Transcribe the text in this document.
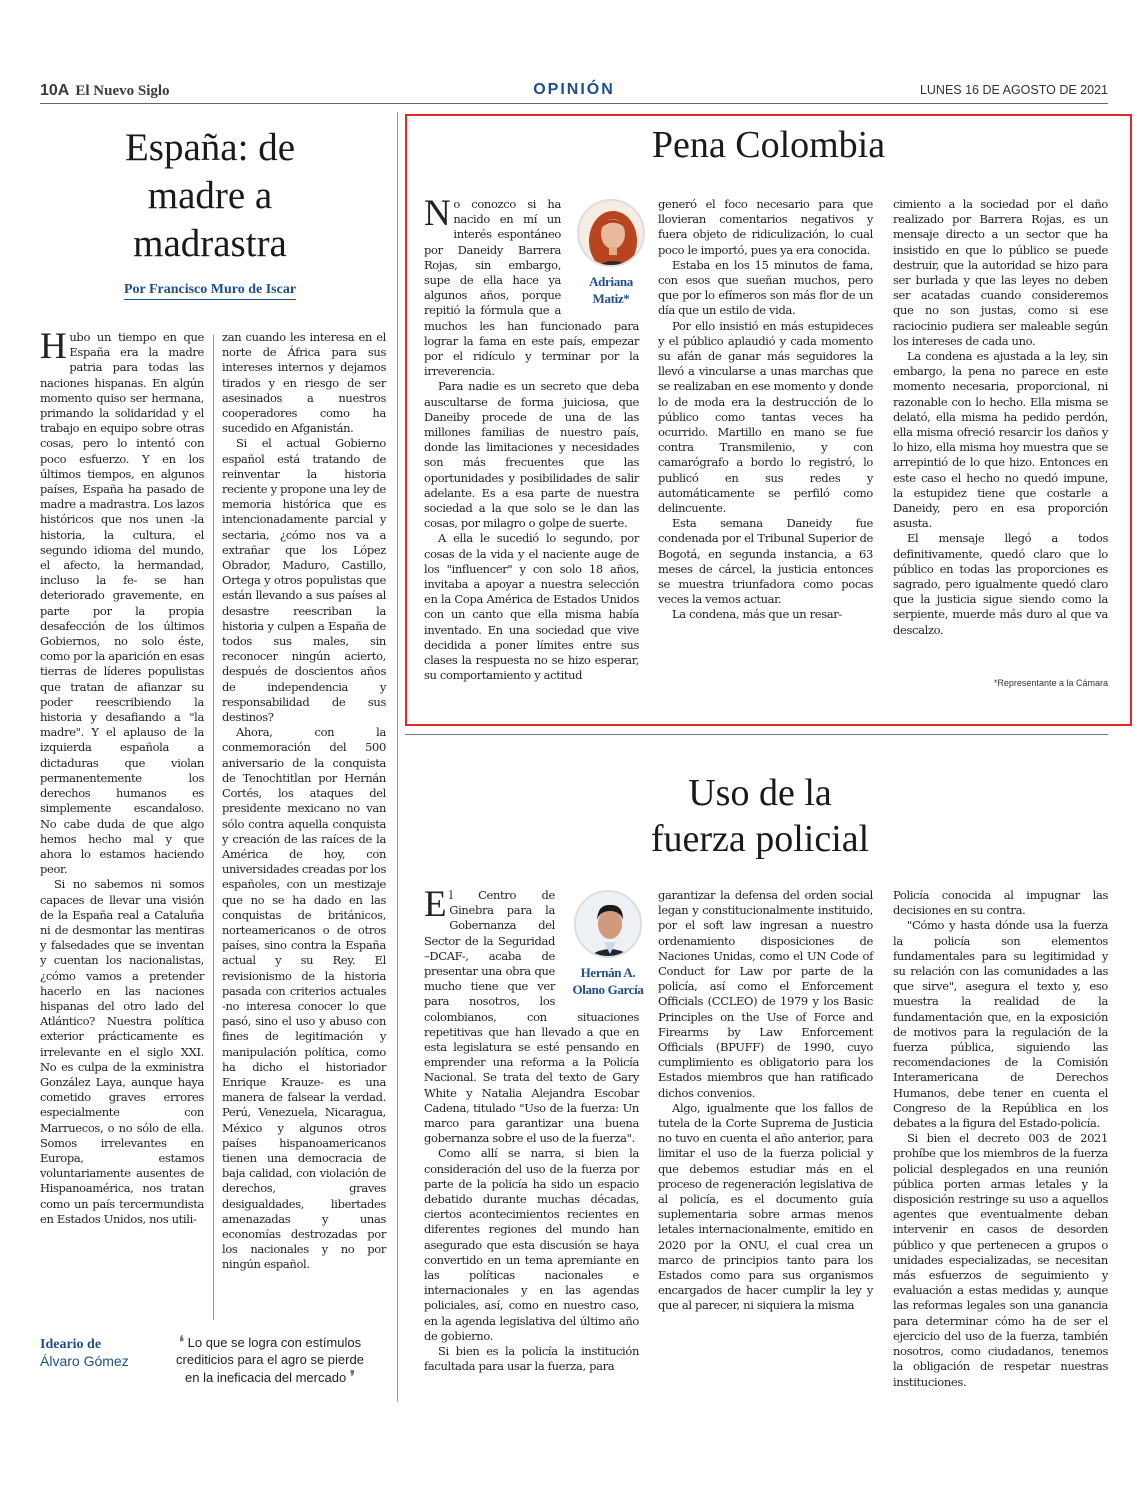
10A El Nuevo Siglo	OPINIÓN	LUNES 16 DE AGOSTO DE 2021
España: de
madre a
madrastra
Por Francisco Muro de Iscar

Hubo un tiempo en que España era la madre patria para todas las naciones hispanas. En algún momento quiso ser hermana, primando la solidaridad y el trabajo en equipo sobre otras cosas, pero lo intentó con poco esfuerzo. Y en los últimos tiempos, en algunos países, España ha pasado de madre a madrastra. Los lazos históricos que nos unen -la historia, la cultura, el segundo idioma del mundo, el afecto, la hermandad, incluso la fe- se han deteriorado gravemente, en parte por la propia desafección de los últimos Gobiernos, no solo éste, como por la aparición en esas tierras de líderes populistas que tratan de afianzar su poder reescribiendo la historia y desafiando a "la madre". Y el aplauso de la izquierda española a dictaduras que violan permanentemente los derechos humanos es simplemente escandaloso. No cabe duda de que algo hemos hecho mal y que ahora lo estamos haciendo peor.

Si no sabemos ni somos capaces de llevar una visión de la España real a Cataluña ni de desmontar las mentiras y falsedades que se inventan y cuentan los nacionalistas, ¿cómo vamos a pretender hacerlo en las naciones hispanas del otro lado del Atlántico? Nuestra política exterior prácticamente es irrelevante en el siglo XXI. No es culpa de la exministra González Laya, aunque haya cometido graves errores especialmente con Marruecos, o no sólo de ella. Somos irrelevantes en Europa, estamos voluntariamente ausentes de Hispanoamérica, nos tratan como un país tercermundista en Estados Unidos, nos utili-

zan cuando les interesa en el norte de África para sus intereses internos y dejamos tirados y en riesgo de ser asesinados a nuestros cooperadores como ha sucedido en Afganistán.

Si el actual Gobierno español está tratando de reinventar la historia reciente y propone una ley de memoria histórica que es intencionadamente parcial y sectaria, ¿cómo nos va a extrañar que los López Obrador, Maduro, Castillo, Ortega y otros populistas que están llevando a sus países al desastre reescriban la historia y culpen a España de todos sus males, sin reconocer ningún acierto, después de doscientos años de independencia y responsabilidad de sus destinos?

Ahora, con la conmemoración del 500 aniversario de la conquista de Tenochtitlan por Hernán Cortés, los ataques del presidente mexicano no van sólo contra aquella conquista y creación de las raíces de la América de hoy, con universidades creadas por los españoles, con un mestizaje que no se ha dado en las conquistas de británicos, norteamericanos o de otros países, sino contra la España actual y su Rey. El revisionismo de la historia pasada con criterios actuales -no interesa conocer lo que pasó, sino el uso y abuso con fines de legitimación y manipulación política, como ha dicho el historiador Enrique Krauze- es una manera de falsear la verdad. Perú, Venezuela, Nicaragua, México y algunos otros países hispanoamericanos tienen una democracia de baja calidad, con violación de derechos, graves desigualdades, libertades amenazadas y unas economías destrozadas por los nacionales y no por ningún español.

Pena Colombia
Adriana
Matiz*

No conozco si ha nacido en mí un interés espontáneo por Daneidy Barrera Rojas, sin embargo, supe de ella hace ya algunos años, porque repitió la fórmula que a muchos les han funcionado para lograr la fama en este país, empezar por el ridículo y terminar por la irreverencia.

Para nadie es un secreto que deba auscultarse de forma juiciosa, que Daneiby procede de una de las millones familias de nuestro país, donde las limitaciones y necesidades son más frecuentes que las oportunidades y posibilidades de salir adelante. Es a esa parte de nuestra sociedad a la que solo se le dan las cosas, por milagro o golpe de suerte.

A ella le sucedió lo segundo, por cosas de la vida y el naciente auge de los "influencer" y con solo 18 años, invitaba a apoyar a nuestra selección en la Copa América de Estados Unidos con un canto que ella misma había inventado. En una sociedad que vive decidida a poner límites entre sus clases la respuesta no se hizo esperar, su comportamiento y actitud

generó el foco necesario para que llovieran comentarios negativos y fuera objeto de ridiculización, lo cual poco le importó, pues ya era conocida.

Estaba en los 15 minutos de fama, con esos que sueñan muchos, pero que por lo efímeros son más flor de un día que un estilo de vida.

Por ello insistió en más estupideces y el público aplaudió y cada momento su afán de ganar más seguidores la llevó a vincularse a unas marchas que se realizaban en ese momento y donde lo de moda era la destrucción de lo público como tantas veces ha ocurrido. Martillo en mano se fue contra Transmilenio, y con camarógrafo a bordo lo registró, lo publicó en sus redes y automáticamente se perfiló como delincuente.

Esta semana Daneidy fue condenada por el Tribunal Superior de Bogotá, en segunda instancia, a 63 meses de cárcel, la justicia entonces se muestra triunfadora como pocas veces la vemos actuar.

La condena, más que un resar-

cimiento a la sociedad por el daño realizado por Barrera Rojas, es un mensaje directo a un sector que ha insistido en que lo público se puede destruir, que la autoridad se hizo para ser burlada y que las leyes no deben ser acatadas cuando consideremos que no son justas, como si ese raciocinio pudiera ser maleable según los intereses de cada uno.

La condena es ajustada a la ley, sin embargo, la pena no parece en este momento necesaria, proporcional, ni razonable con lo hecho. Ella misma se delató, ella misma ha pedido perdón, ella misma ofreció resarcir los daños y lo hizo, ella misma hoy muestra que se arrepintió de lo que hizo. Entonces en este caso el hecho no quedó impune, la estupidez tiene que costarle a Daneidy, pero en esa proporción asusta.

El mensaje llegó a todos definitivamente, quedó claro que lo público en todas las proporciones es sagrado, pero igualmente quedó claro que la justicia sigue siendo como la serpiente, muerde más duro al que va descalzo.

*Representante a la Cámara
Uso de la
fuerza policial
Hernán A.
Olano García

El Centro de Ginebra para la Gobernanza del Sector de la Seguridad –DCAF-, acaba de presentar una obra que mucho tiene que ver para nosotros, los colombianos, con situaciones repetitivas que han llevado a que en esta legislatura se esté pensando en emprender una reforma a la Policía Nacional. Se trata del texto de Gary White y Natalia Alejandra Escobar Cadena, titulado "Uso de la fuerza: Un marco para garantizar una buena gobernanza sobre el uso de la fuerza".

Como allí se narra, si bien la consideración del uso de la fuerza por parte de la policía ha sido un espacio debatido durante muchas décadas, ciertos acontecimientos recientes en diferentes regiones del mundo han asegurado que esta discusión se haya convertido en un tema apremiante en las políticas nacionales e internacionales y en las agendas policiales, así, como en nuestro caso, en la agenda legislativa del último año de gobierno.

Si bien es la policía la institución facultada para usar la fuerza, para

garantizar la defensa del orden social legan y constitucionalmente instituido, por el soft law ingresan a nuestro ordenamiento disposiciones de Naciones Unidas, como el UN Code of Conduct for Law por parte de la policía, así como el Enforcement Officials (CCLEO) de 1979 y los Basic Principles on the Use of Force and Firearms by Law Enforcement Officials (BPUFF) de 1990, cuyo cumplimiento es obligatorio para los Estados miembros que han ratificado dichos convenios.

Algo, igualmente que los fallos de tutela de la Corte Suprema de Justicia no tuvo en cuenta el año anterior, para limitar el uso de la fuerza policial y que debemos estudiar más en el proceso de regeneración legislativa de al policía, es el documento guía suplementaria sobre armas menos letales internacionalmente, emitido en 2020 por la ONU, el cual crea un marco de principios tanto para los Estados como para sus organismos encargados de hacer cumplir la ley y que al parecer, ni siquiera la misma

Policía conocida al impugnar las decisiones en su contra.

"Cómo y hasta dónde usa la fuerza la policía son elementos fundamentales para su legitimidad y su relación con las comunidades a las que sirve", asegura el texto y, eso muestra la realidad de la fundamentación que, en la exposición de motivos para la regulación de la fuerza pública, siguiendo las recomendaciones de la Comisión Interamericana de Derechos Humanos, debe tener en cuenta el Congreso de la República en los debates a la figura del Estado-policía.

Si bien el decreto 003 de 2021 prohíbe que los miembros de la fuerza policial desplegados en una reunión pública porten armas letales y la disposición restringe su uso a aquellos agentes que eventualmente deban intervenir en casos de desorden público y que pertenecen a grupos o unidades especializadas, se necesitan más esfuerzos de seguimiento y evaluación a estas medidas y, aunque las reformas legales son una ganancia para determinar cómo ha de ser el ejercicio del uso de la fuerza, también nosotros, como ciudadanos, tenemos la obligación de respetar nuestras instituciones.

Ideario de
Álvaro Gómez
❛ Lo que se logra con estímulos crediticios para el agro se pierde en la ineficacia del mercado ❜
